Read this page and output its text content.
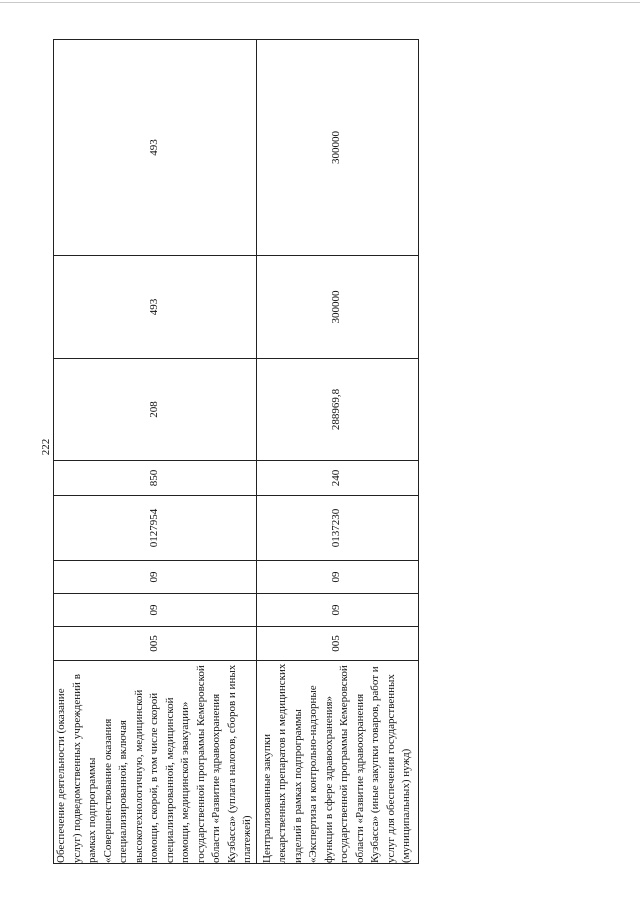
222
Обеспечение деятельности (оказание услуг) подведомственных учреждений в рамках подпрограммы «Совершенствование оказания специализированной, включая высокотехнологичную, медицинской помощи, скорой, в том числе скорой специализированной, медицинской помощи, медицинской эвакуации» государственной программы Кемеровской области «Развитие здравоохранения Кузбасса» (уплата налогов, сборов и иных платежей)	005	09	09	0127954	850	208	493	493
Централизованные закупки лекарственных препаратов и медицинских изделий в рамках подпрограммы «Экспертиза и контрольно-надзорные функции в сфере здравоохранения» государственной программы Кемеровской области «Развитие здравоохранения Кузбасса» (иные закупки товаров, работ и услуг для обеспечения государственных (муниципальных) нужд)	005	09	09	0137230	240	288969,8	300000	300000
